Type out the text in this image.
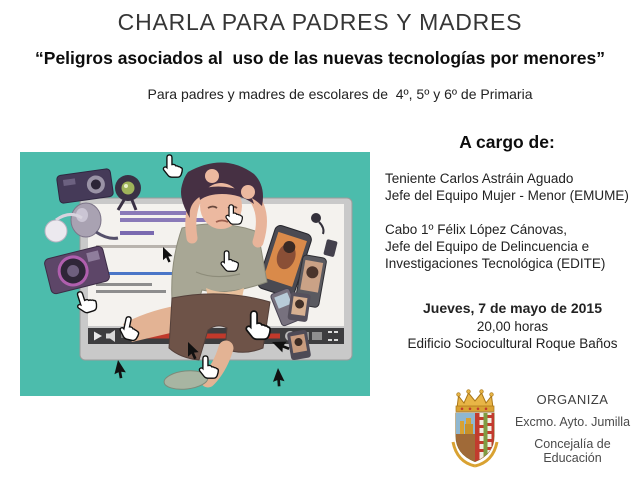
CHARLA PARA PADRES Y MADRES
“Peligros asociados al  uso de las nuevas tecnologías por menores”
Para padres y madres de escolares de  4º, 5º y 6º de Primaria
A cargo de:
Teniente Carlos Astráin Aguado
Jefe del Equipo Mujer - Menor (EMUME)
Cabo 1º Félix López Cánovas,
Jefe del Equipo de Delincuencia e
Investigaciones Tecnológica (EDITE)
Jueves, 7 de mayo de 2015
20,00 horas
Edificio Sociocultural Roque Baños
ORGANIZA
Excmo. Ayto. Jumilla
Concejalía de Educación
